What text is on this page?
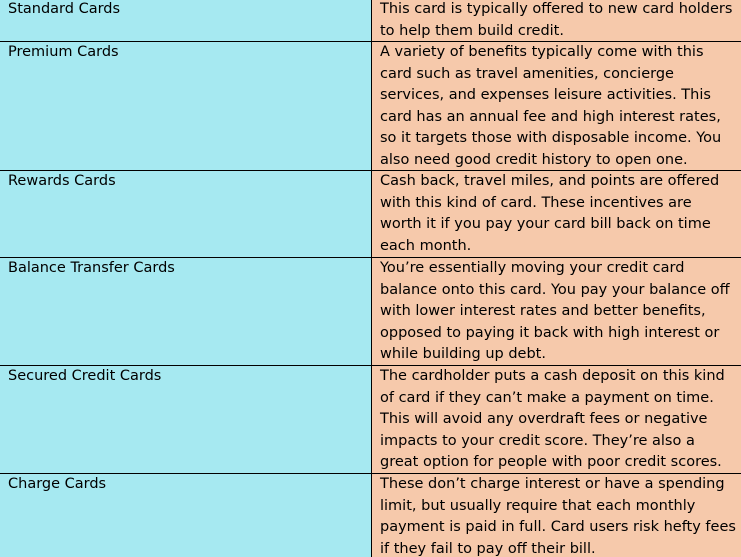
Standard Cards	This card is typically offered to new card holders to help them build credit.
Premium Cards	A variety of benefits typically come with this card such as travel amenities, concierge services, and expenses leisure activities. This card has an annual fee and high interest rates, so it targets those with disposable income. You also need good credit history to open one.
Rewards Cards	Cash back, travel miles, and points are offered with this kind of card. These incentives are worth it if you pay your card bill back on time each month.
Balance Transfer Cards	You’re essentially moving your credit card balance onto this card. You pay your balance off with lower interest rates and better benefits, opposed to paying it back with high interest or while building up debt.
Secured Credit Cards	The cardholder puts a cash deposit on this kind of card if they can’t make a payment on time. This will avoid any overdraft fees or negative impacts to your credit score. They’re also a great option for people with poor credit scores.
Charge Cards	These don’t charge interest or have a spending limit, but usually require that each monthly payment is paid in full. Card users risk hefty fees if they fail to pay off their bill.
